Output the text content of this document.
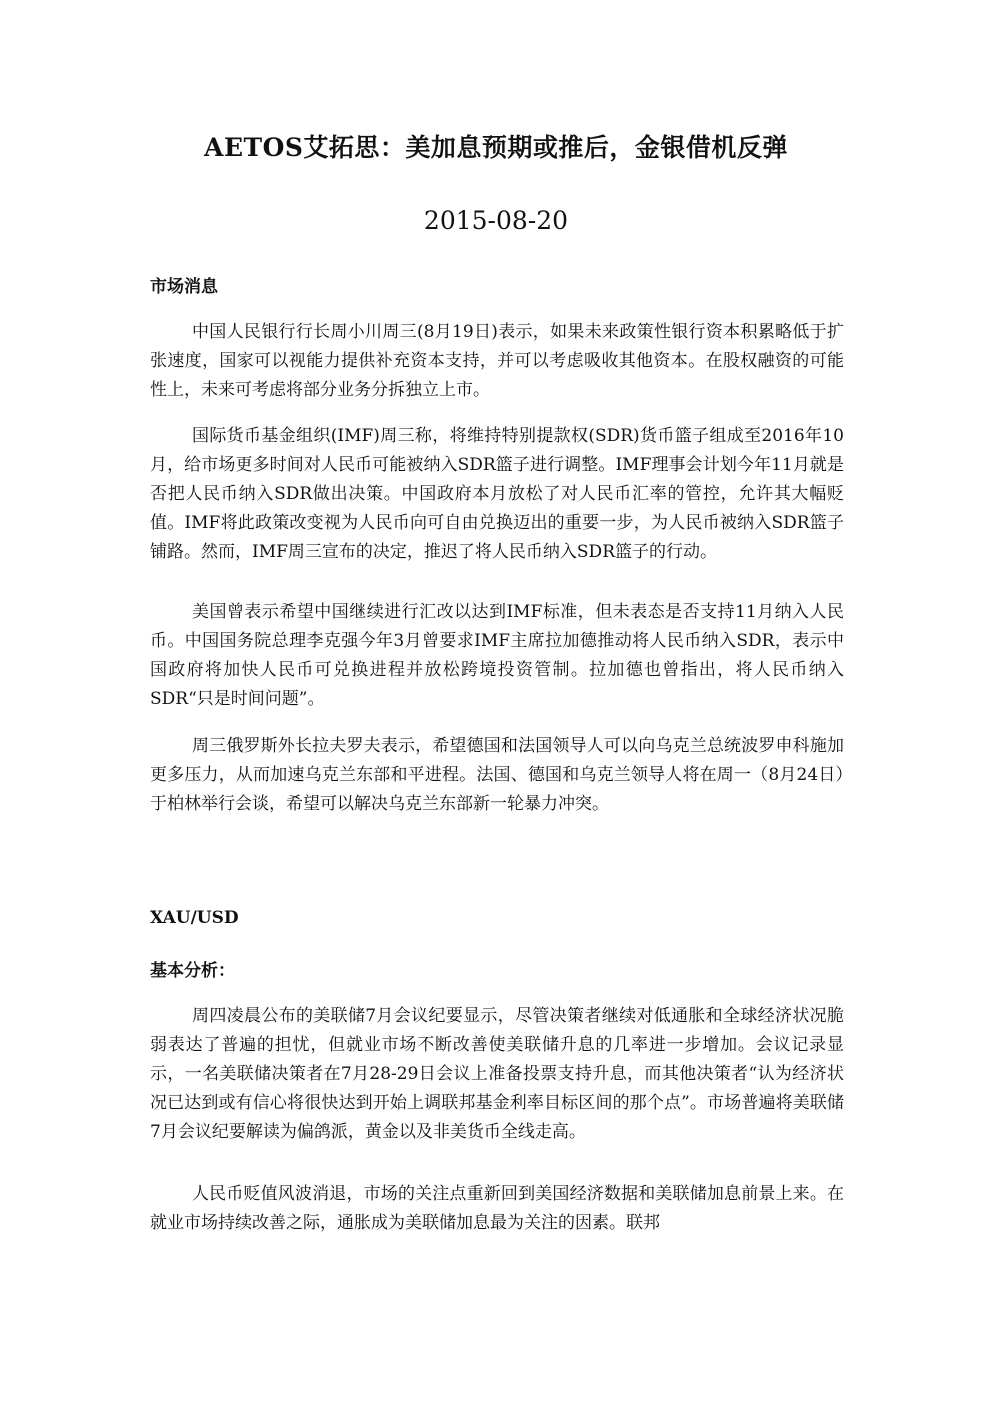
AETOS艾拓思：美加息预期或推后，金银借机反弹
2015-08-20
市场消息

中国人民银行行长周小川周三(8月19日)表示，如果未来政策性银行资本积累略低于扩张速度，国家可以视能力提供补充资本支持，并可以考虑吸收其他资本。在股权融资的可能性上，未来可考虑将部分业务分拆独立上市。

国际货币基金组织(IMF)周三称，将维持特别提款权(SDR)货币篮子组成至2016年10月，给市场更多时间对人民币可能被纳入SDR篮子进行调整。IMF理事会计划今年11月就是否把人民币纳入SDR做出决策。中国政府本月放松了对人民币汇率的管控，允许其大幅贬值。IMF将此政策改变视为人民币向可自由兑换迈出的重要一步，为人民币被纳入SDR篮子铺路。然而，IMF周三宣布的决定，推迟了将人民币纳入SDR篮子的行动。

美国曾表示希望中国继续进行汇改以达到IMF标准，但未表态是否支持11月纳入人民币。中国国务院总理李克强今年3月曾要求IMF主席拉加德推动将人民币纳入SDR，表示中国政府将加快人民币可兑换进程并放松跨境投资管制。拉加德也曾指出，将人民币纳入SDR“只是时间问题”。

周三俄罗斯外长拉夫罗夫表示，希望德国和法国领导人可以向乌克兰总统波罗申科施加更多压力，从而加速乌克兰东部和平进程。法国、德国和乌克兰领导人将在周一（8月24日）于柏林举行会谈，希望可以解决乌克兰东部新一轮暴力冲突。

XAU/USD
基本分析：

周四凌晨公布的美联储7月会议纪要显示，尽管决策者继续对低通胀和全球经济状况脆弱表达了普遍的担忧，但就业市场不断改善使美联储升息的几率进一步增加。会议记录显示，一名美联储决策者在7月28-29日会议上准备投票支持升息，而其他决策者“认为经济状况已达到或有信心将很快达到开始上调联邦基金利率目标区间的那个点”。市场普遍将美联储7月会议纪要解读为偏鸽派，黄金以及非美货币全线走高。

人民币贬值风波消退，市场的关注点重新回到美国经济数据和美联储加息前景上来。在就业市场持续改善之际，通胀成为美联储加息最为关注的因素。联邦
